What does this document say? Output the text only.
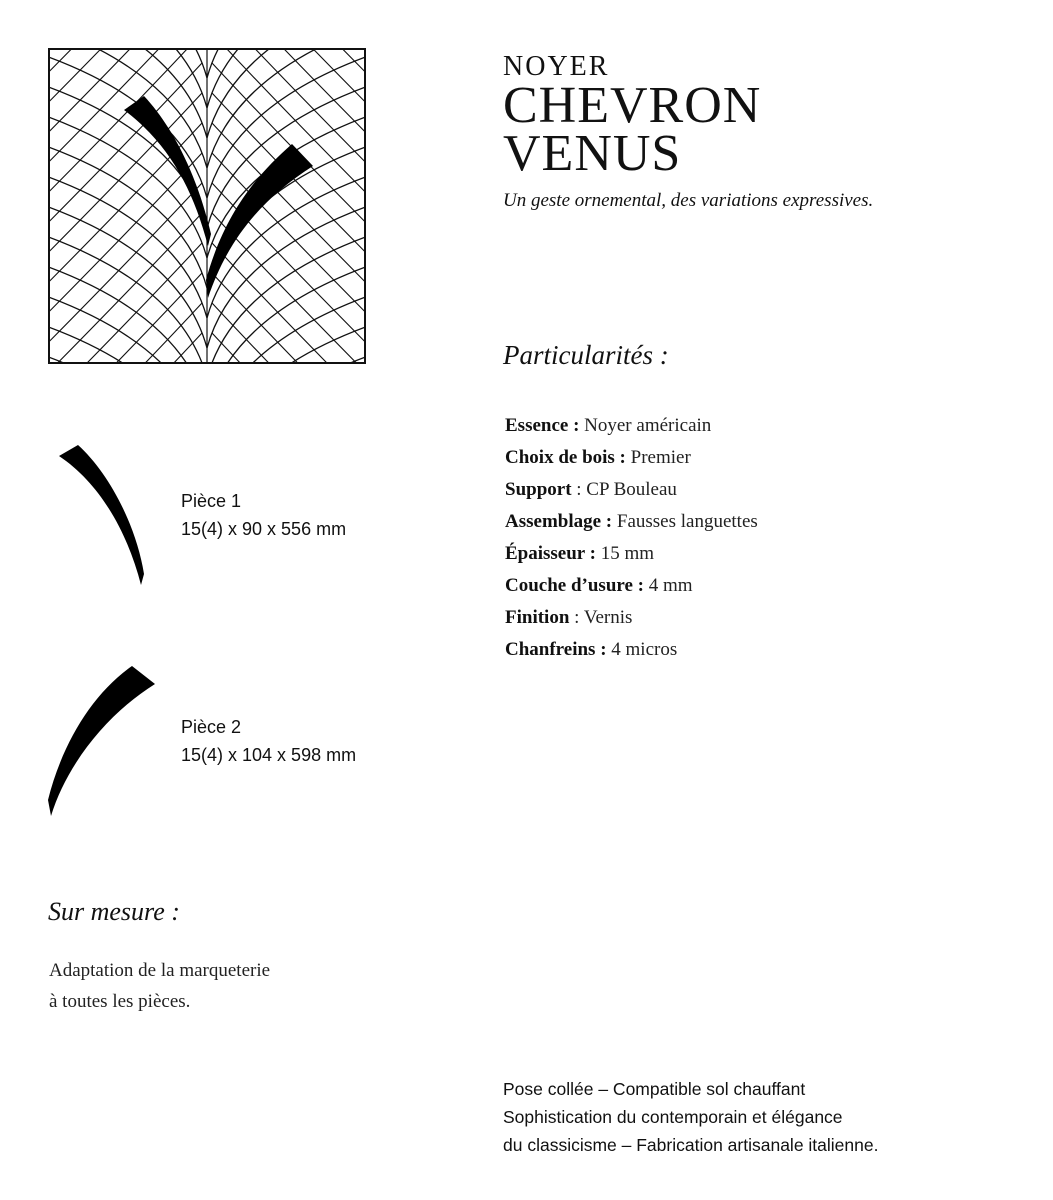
NOYER
CHEVRON
VENUS
Un geste ornemental, des variations expressives.
Particularités :
Essence : Noyer américain
Choix de bois : Premier
Support : CP Bouleau
Assemblage : Fausses languettes
Épaisseur : 15 mm
Couche d’usure : 4 mm
Finition : Vernis
Chanfreins : 4 micros
Pièce 1
15(4) x 90 x 556 mm
Pièce 2
15(4) x 104 x 598 mm
Sur mesure :
Adaptation de la marqueterie
à toutes les pièces.
Pose collée – Compatible sol chauffant
Sophistication du contemporain et élégance
du classicisme – Fabrication artisanale italienne.
